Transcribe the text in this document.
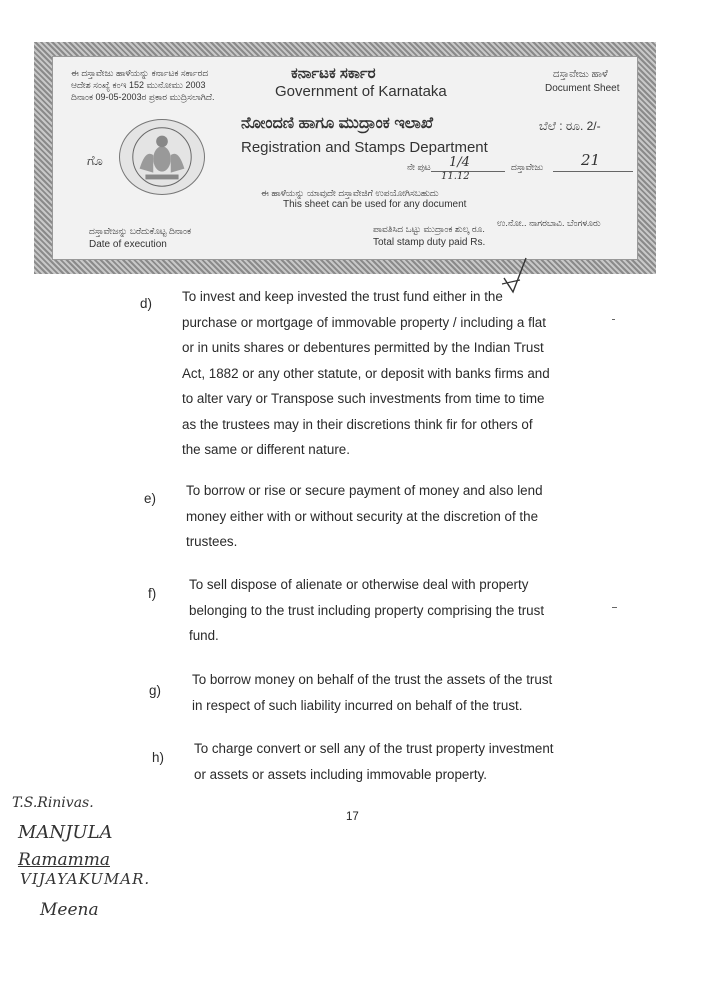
ಈ ದಸ್ತಾವೇಜು ಹಾಳೆಯನ್ನು ಕರ್ನಾಟಕ ಸರ್ಕಾರದ
ಆದೇಶ ಸಂಖ್ಯೆ ಕಂಇ 152 ಮುನೋಮು 2003
ದಿನಾಂಕ 09-05-2003ರ ಪ್ರಕಾರ ಮುದ್ರಿಸಲಾಗಿದೆ.
ಕರ್ನಾಟಕ ಸರ್ಕಾರ
Government of Karnataka
ದಸ್ತಾವೇಜು ಹಾಳೆ
Document Sheet
ಗೊ
ನೋಂದಣಿ ಹಾಗೂ ಮುದ್ರಾಂಕ ಇಲಾಖೆ
Registration and Stamps Department
ಬೆಲೆ : ರೂ. 2/-
ನೇ ಪುಟ 1/4
11.12
ದಸ್ತಾವೇಜು	21
ಈ ಹಾಳೆಯನ್ನು ಯಾವುದೇ ದಸ್ತಾವೇಜಿಗೆ ಉಪಯೋಗಿಸಬಹುದು
This sheet can be used for any document
ಉ.ನೋ.. ನಾಗರಬಾವಿ. ಬೆಂಗಳೂರು
ದಸ್ತಾವೇಜನ್ನು ಬರೆದುಕೊಟ್ಟ ದಿನಾಂಕ
Date of execution
ಪಾವತಿಸಿದ ಒಟ್ಟು ಮುದ್ರಾಂಕ ಶುಲ್ಕ ರೂ.
Total stamp duty paid Rs.
d) To invest and keep invested the trust fund either in the
purchase or mortgage of immovable property / including a flat
or in units shares or debentures permitted by the Indian Trust
Act, 1882 or any other statute, or deposit with banks firms and
to alter vary or Transpose such investments from time to time
as the trustees may in their discretions think fir for others of
the same or different nature.
e)
To borrow or rise or secure payment of money and also lend
money either with or without security at the discretion of the
trustees.
f)
To sell dispose of alienate or otherwise deal with property
belonging to the trust including property comprising the trust
fund.
g)
To borrow money on behalf of the trust the assets of the trust
in respect of such liability incurred on behalf of the trust.
h)
To charge convert or sell any of the trust property investment
or assets or assets including immovable property.
17
T.S.Rinivas.
MANJULA
Ramamma
VIJAYAKUMAR.
Meena
